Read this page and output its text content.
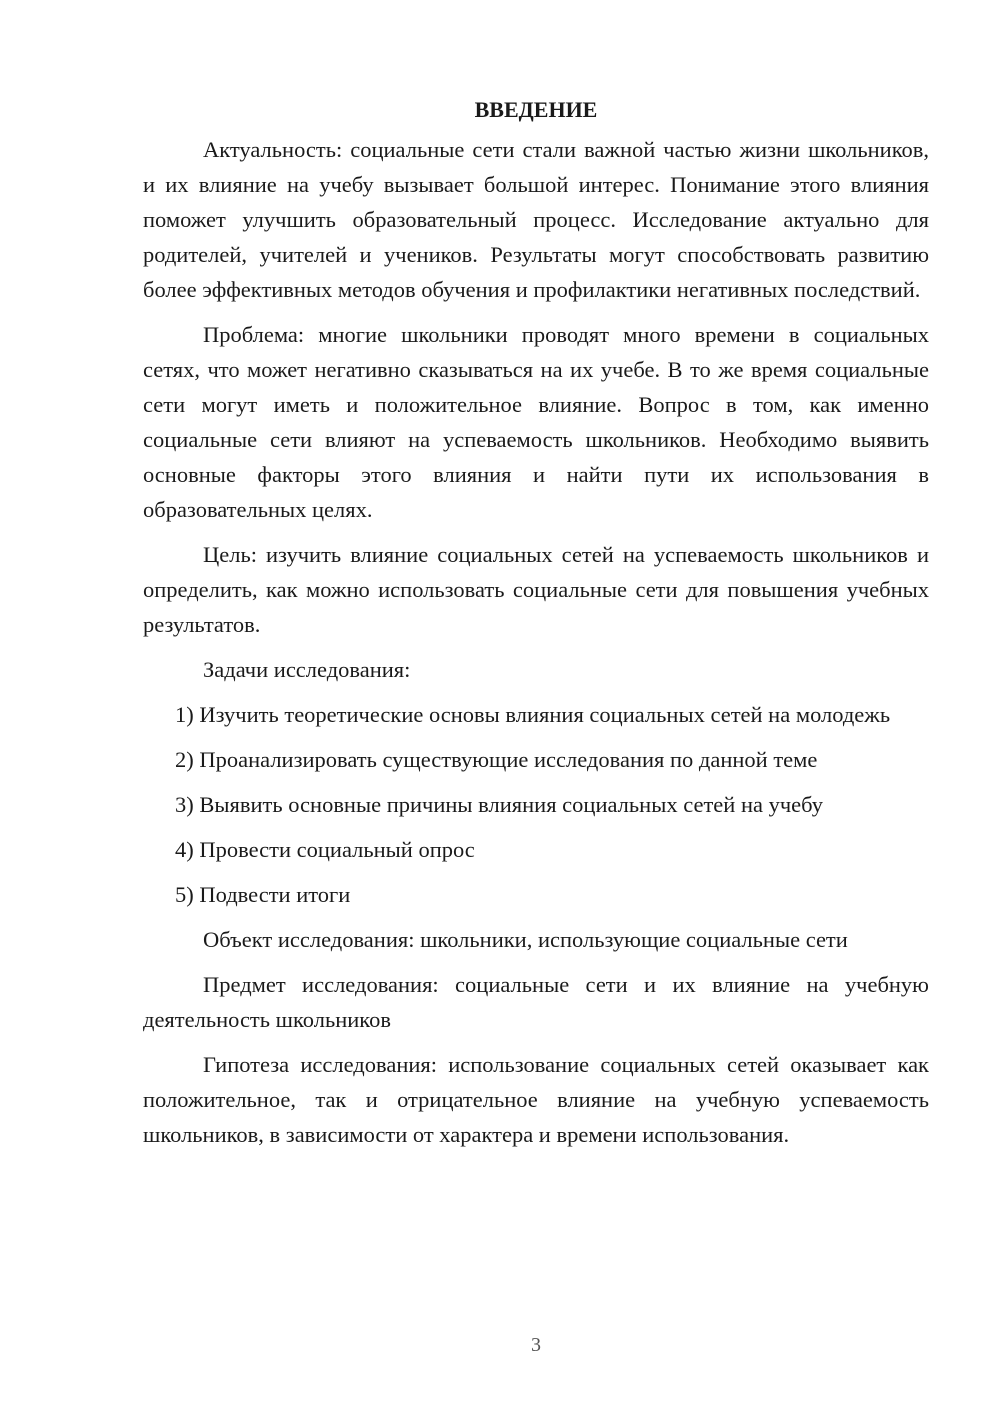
ВВЕДЕНИЕ

Актуальность: социальные сети стали важной частью жизни школьников, и их влияние на учебу вызывает большой интерес. Понимание этого влияния поможет улучшить образовательный процесс. Исследование актуально для родителей, учителей и учеников. Результаты могут способствовать развитию более эффективных методов обучения и профилактики негативных последствий.

Проблема: многие школьники проводят много времени в социальных сетях, что может негативно сказываться на их учебе. В то же время социальные сети могут иметь и положительное влияние. Вопрос в том, как именно социальные сети влияют на успеваемость школьников. Необходимо выявить основные факторы этого влияния и найти пути их использования в образовательных целях.

Цель: изучить влияние социальных сетей на успеваемость школьников и определить, как можно использовать социальные сети для повышения учебных результатов.

Задачи исследования:

1) Изучить теоретические основы влияния социальных сетей на молодежь
2) Проанализировать существующие исследования по данной теме
3) Выявить основные причины влияния социальных сетей на учебу
4) Провести социальный опрос
5) Подвести итоги

Объект исследования: школьники, использующие социальные сети

Предмет исследования: социальные сети и их влияние на учебную деятельность школьников

Гипотеза исследования: использование социальных сетей оказывает как положительное, так и отрицательное влияние на учебную успеваемость школьников, в зависимости от характера и времени использования.

3
